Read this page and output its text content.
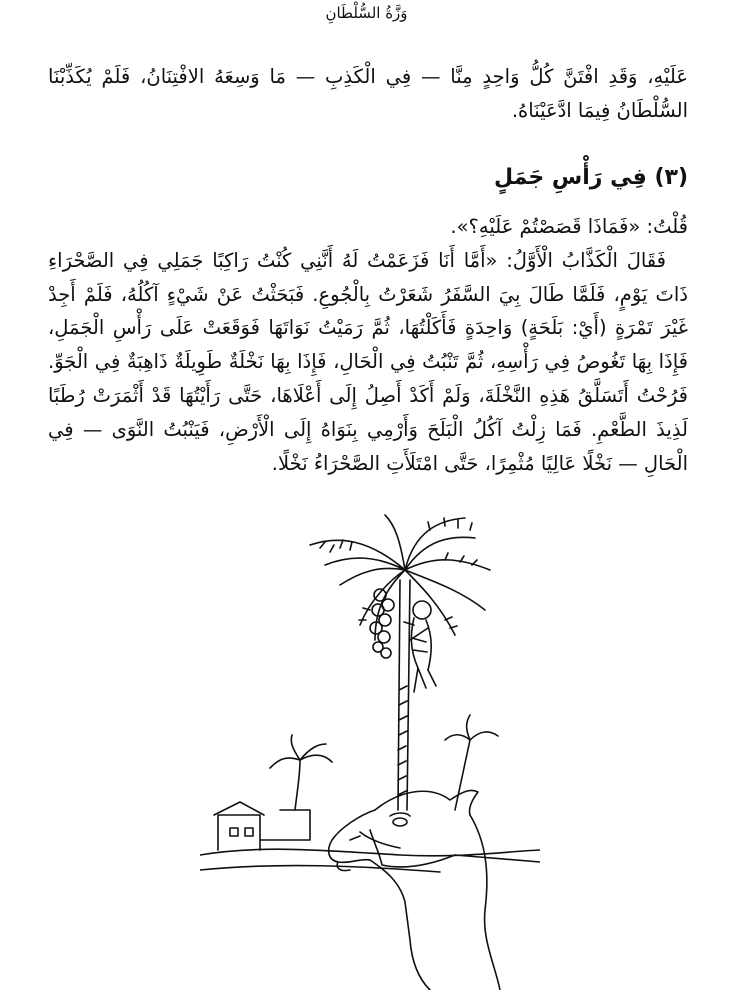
وَزَّةُ السُّلْطَانِ

عَلَيْهِ، وَقَدِ افْتَنَّ كُلُّ وَاحِدٍ مِنَّا — فِي الْكَذِبِ — مَا وَسِعَهُ الافْتِنَانُ، فَلَمْ يُكَذِّبْنَا السُّلْطَانُ فِيمَا ادَّعَيْنَاهُ.

(٣) فِي رَأْسِ جَمَلٍ

قُلْتُ: «فَمَاذَا قَصَصْتُمْ عَلَيْهِ؟».

فَقَالَ الْكَذَّابُ الْأَوَّلُ: «أَمَّا أَنَا فَزَعَمْتُ لَهُ أَنَّنِي كُنْتُ رَاكِبًا جَمَلِي فِي الصَّحْرَاءِ ذَاتَ يَوْمٍ، فَلَمَّا طَالَ بِيَ السَّفَرُ شَعَرْتُ بِالْجُوعِ. فَبَحَثْتُ عَنْ شَيْءٍ آكُلُهُ، فَلَمْ أَجِدْ غَيْرَ تَمْرَةٍ (أَيْ: بَلَحَةٍ) وَاحِدَةٍ فَأَكَلْتُهَا، ثُمَّ رَمَيْتُ نَوَاتَهَا فَوَقَعَتْ عَلَى رَأْسِ الْجَمَلِ، فَإِذَا بِهَا تَغُوصُ فِي رَأْسِهِ، ثُمَّ تَنْبُتُ فِي الْحَالِ، فَإِذَا بِهَا نَخْلَةٌ طَوِيلَةٌ ذَاهِبَةٌ فِي الْجَوِّ. فَرُحْتُ أَتَسَلَّقُ هَذِهِ النَّخْلَةَ، وَلَمْ أَكَدْ أَصِلُ إِلَى أَعْلَاهَا، حَتَّى رَأَيْتُهَا قَدْ أَثْمَرَتْ رُطَبًا لَذِيذَ الطَّعْمِ. فَمَا زِلْتُ آكُلُ الْبَلَحَ وَأَرْمِي بِنَوَاهُ إِلَى الْأَرْضِ، فَيَنْبُتُ النَّوَى — فِي الْحَالِ — نَخْلًا عَالِيًا مُثْمِرًا، حَتَّى امْتَلَأَتِ الصَّحْرَاءُ نَخْلًا.
